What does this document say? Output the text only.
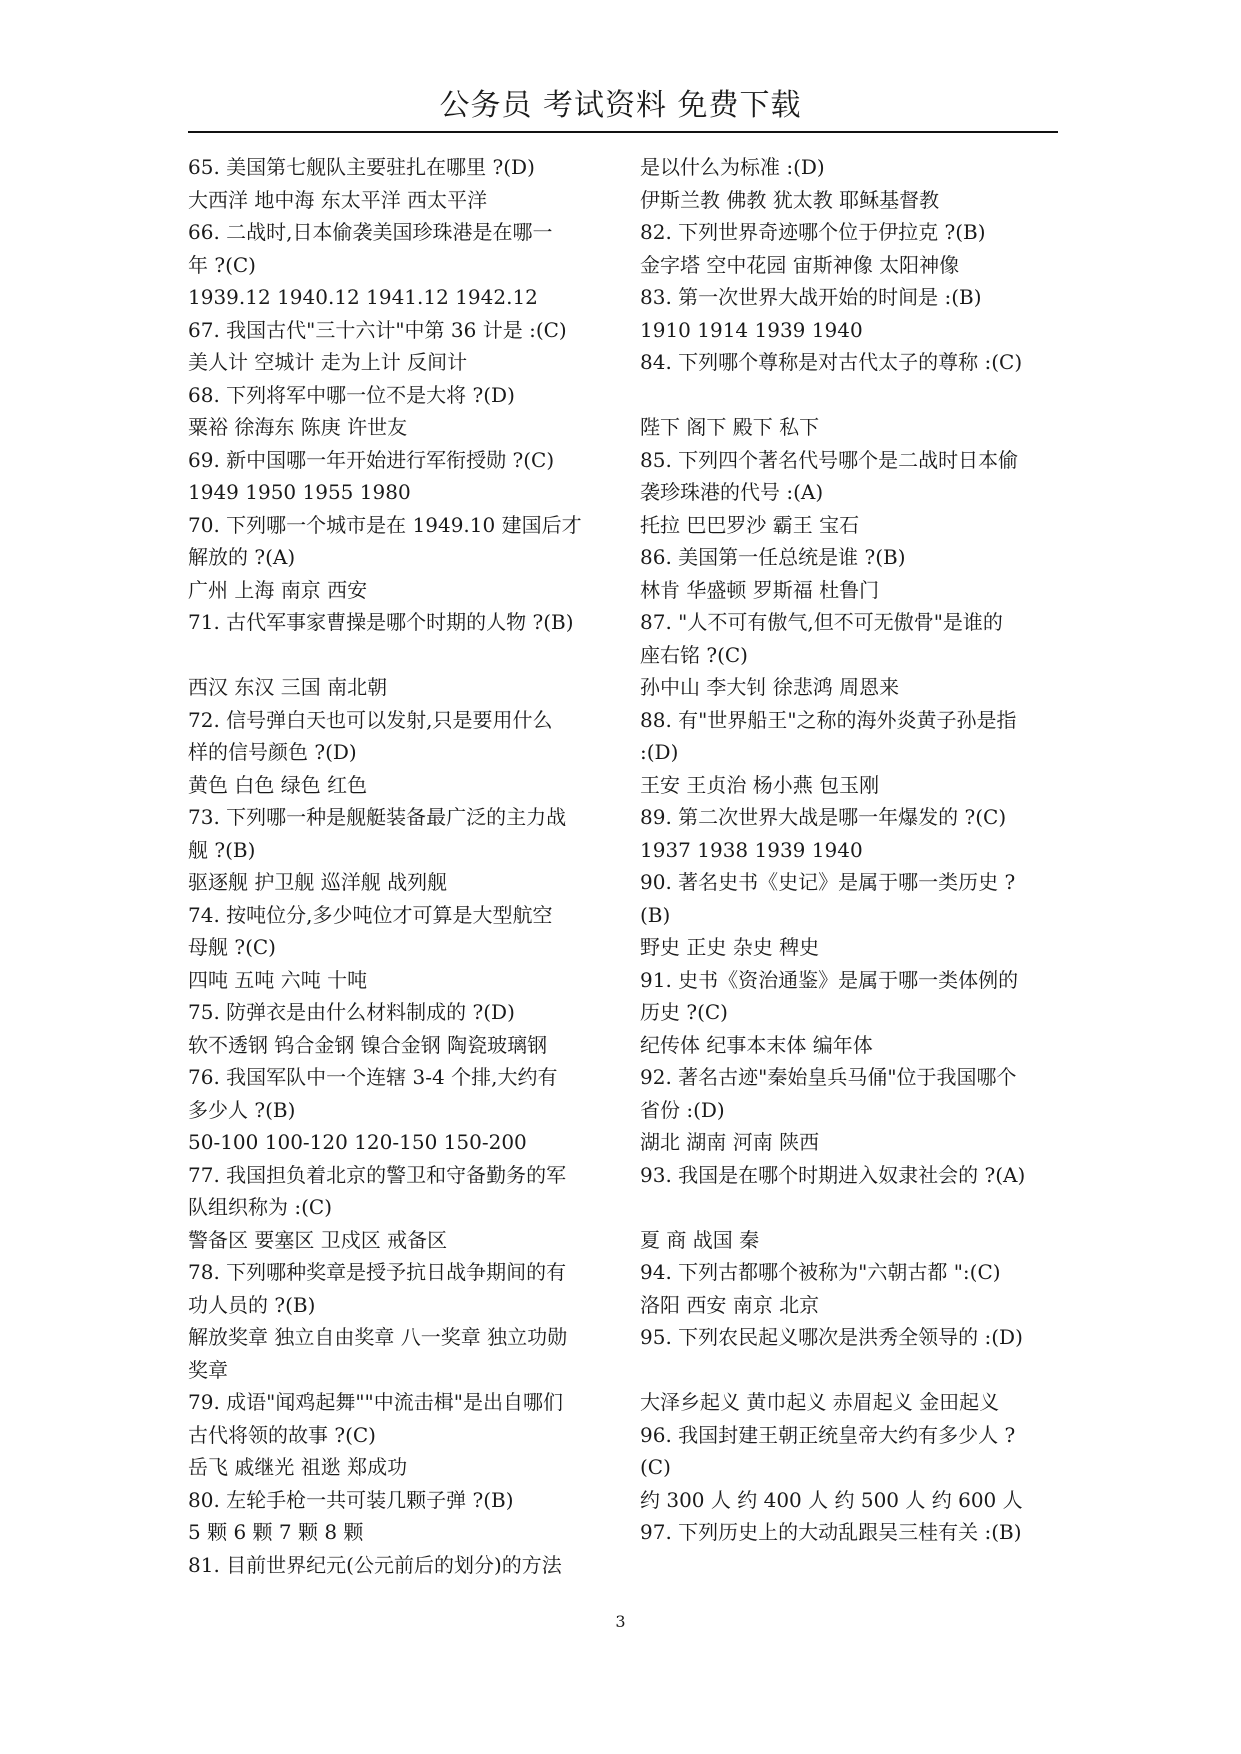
公务员 考试资料 免费下载
65. 美国第七舰队主要驻扎在哪里 ?(D)
大西洋 地中海 东太平洋 西太平洋
66. 二战时,日本偷袭美国珍珠港是在哪一
年 ?(C)
1939.12 1940.12 1941.12 1942.12
67. 我国古代"三十六计"中第 36 计是 :(C)
美人计 空城计 走为上计 反间计
68. 下列将军中哪一位不是大将 ?(D)
粟裕 徐海东 陈庚 许世友
69. 新中国哪一年开始进行军衔授勋 ?(C)
1949 1950 1955 1980
70. 下列哪一个城市是在 1949.10 建国后才
解放的 ?(A)
广州 上海 南京 西安
71. 古代军事家曹操是哪个时期的人物 ?(B)
西汉 东汉 三国 南北朝
72. 信号弹白天也可以发射,只是要用什么
样的信号颜色 ?(D)
黄色 白色 绿色 红色
73. 下列哪一种是舰艇装备最广泛的主力战
舰 ?(B)
驱逐舰 护卫舰 巡洋舰 战列舰
74. 按吨位分,多少吨位才可算是大型航空
母舰 ?(C)
四吨 五吨 六吨 十吨
75. 防弹衣是由什么材料制成的 ?(D)
软不透钢 钨合金钢 镍合金钢 陶瓷玻璃钢
76. 我国军队中一个连辖 3-4 个排,大约有
多少人 ?(B)
50-100 100-120 120-150 150-200
77. 我国担负着北京的警卫和守备勤务的军
队组织称为 :(C)
警备区 要塞区 卫戍区 戒备区
78. 下列哪种奖章是授予抗日战争期间的有
功人员的 ?(B)
解放奖章 独立自由奖章 八一奖章 独立功勋
奖章
79. 成语"闻鸡起舞""中流击楫"是出自哪们
古代将领的故事 ?(C)
岳飞 戚继光 祖逖 郑成功
80. 左轮手枪一共可装几颗子弹 ?(B)
5 颗 6 颗 7 颗 8 颗
81. 目前世界纪元(公元前后的划分)的方法
是以什么为标准 :(D)
伊斯兰教 佛教 犹太教 耶稣基督教
82. 下列世界奇迹哪个位于伊拉克 ?(B)
金字塔 空中花园 宙斯神像 太阳神像
83. 第一次世界大战开始的时间是 :(B)
1910 1914 1939 1940
84. 下列哪个尊称是对古代太子的尊称 :(C)
陛下 阁下 殿下 私下
85. 下列四个著名代号哪个是二战时日本偷
袭珍珠港的代号 :(A)
托拉 巴巴罗沙 霸王 宝石
86. 美国第一任总统是谁 ?(B)
林肯 华盛顿 罗斯福 杜鲁门
87. "人不可有傲气,但不可无傲骨"是谁的
座右铭 ?(C)
孙中山 李大钊 徐悲鸿 周恩来
88. 有"世界船王"之称的海外炎黄子孙是指
:(D)
王安 王贞治 杨小燕 包玉刚
89. 第二次世界大战是哪一年爆发的 ?(C)
1937 1938 1939 1940
90. 著名史书《史记》是属于哪一类历史 ?
(B)
野史 正史 杂史 稗史
91. 史书《资治通鉴》是属于哪一类体例的
历史 ?(C)
纪传体 纪事本末体 编年体
92. 著名古迹"秦始皇兵马俑"位于我国哪个
省份 :(D)
湖北 湖南 河南 陕西
93. 我国是在哪个时期进入奴隶社会的 ?(A)
夏 商 战国 秦
94. 下列古都哪个被称为"六朝古都 ":(C)
洛阳 西安 南京 北京
95. 下列农民起义哪次是洪秀全领导的 :(D)
大泽乡起义 黄巾起义 赤眉起义 金田起义
96. 我国封建王朝正统皇帝大约有多少人 ?
(C)
约 300 人 约 400 人 约 500 人 约 600 人
97. 下列历史上的大动乱跟吴三桂有关 :(B)
3
